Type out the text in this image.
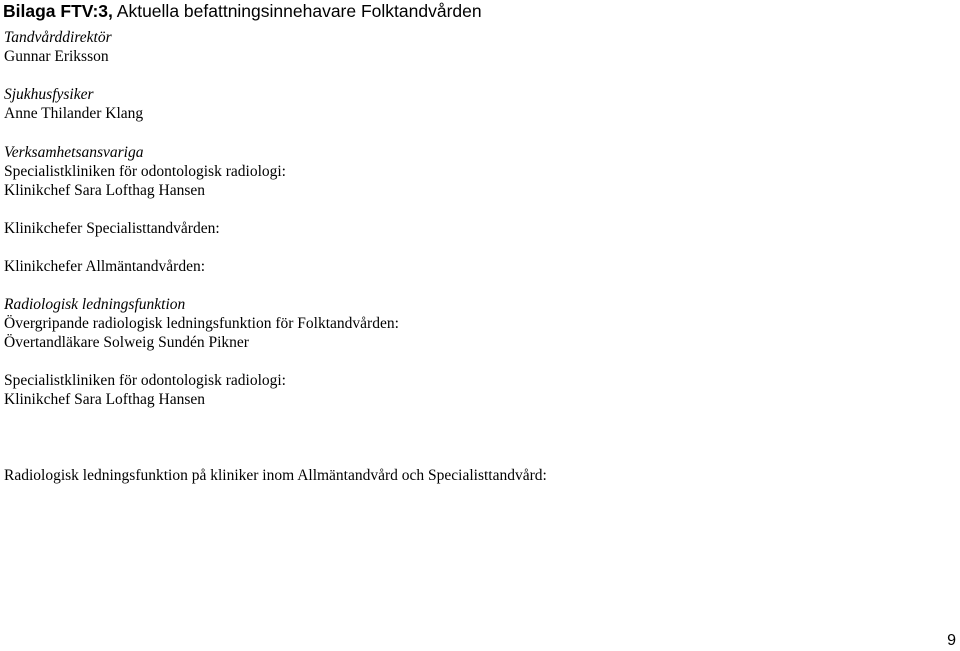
Bilaga FTV:3, Aktuella befattningsinnehavare Folktandvården
Tandvårddirektör
Gunnar Eriksson
Sjukhusfysiker
Anne Thilander Klang
Verksamhetsansvariga
Specialistkliniken för odontologisk radiologi:
Klinikchef Sara Lofthag Hansen
Klinikchefer Specialisttandvården:
Klinikchefer Allmäntandvården:
Radiologisk ledningsfunktion
Övergripande radiologisk ledningsfunktion för Folktandvården:
Övertandläkare Solweig Sundén Pikner
Specialistkliniken för odontologisk radiologi:
Klinikchef Sara Lofthag Hansen
Radiologisk ledningsfunktion på kliniker inom Allmäntandvård och Specialisttandvård:
9
